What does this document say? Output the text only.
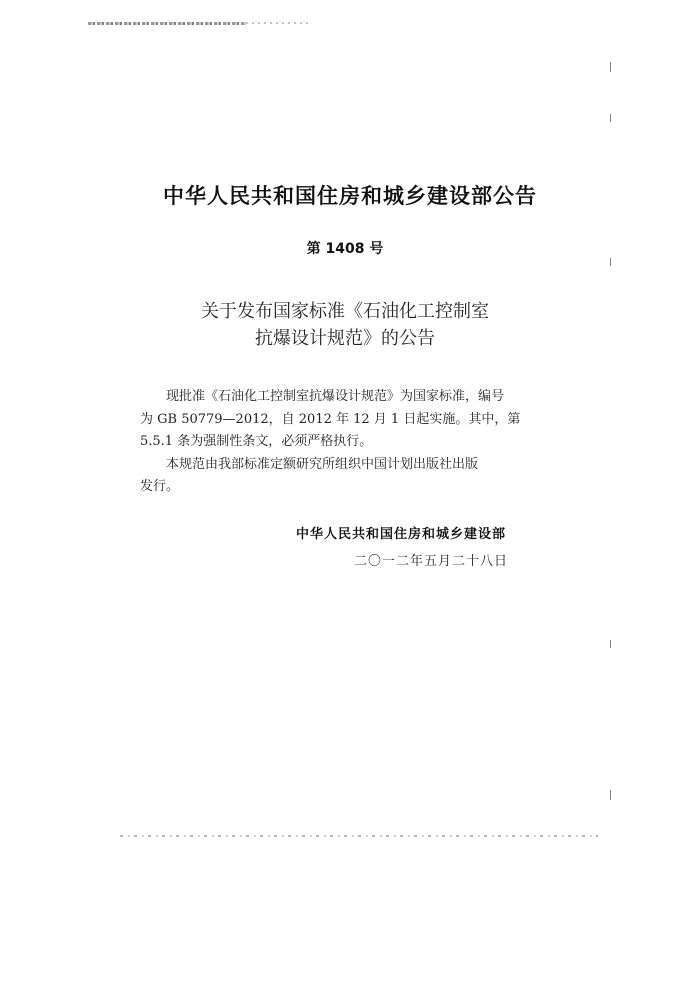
中华人民共和国住房和城乡建设部公告
第 1408 号
关于发布国家标准《石油化工控制室
抗爆设计规范》的公告

现批准《石油化工控制室抗爆设计规范》为国家标准，编号

为 GB 50779—2012，自 2012 年 12 月 1 日起实施。其中，第

5.5.1 条为强制性条文，必须严格执行。

本规范由我部标准定额研究所组织中国计划出版社出版

发行。

中华人民共和国住房和城乡建设部
二〇一二年五月二十八日
